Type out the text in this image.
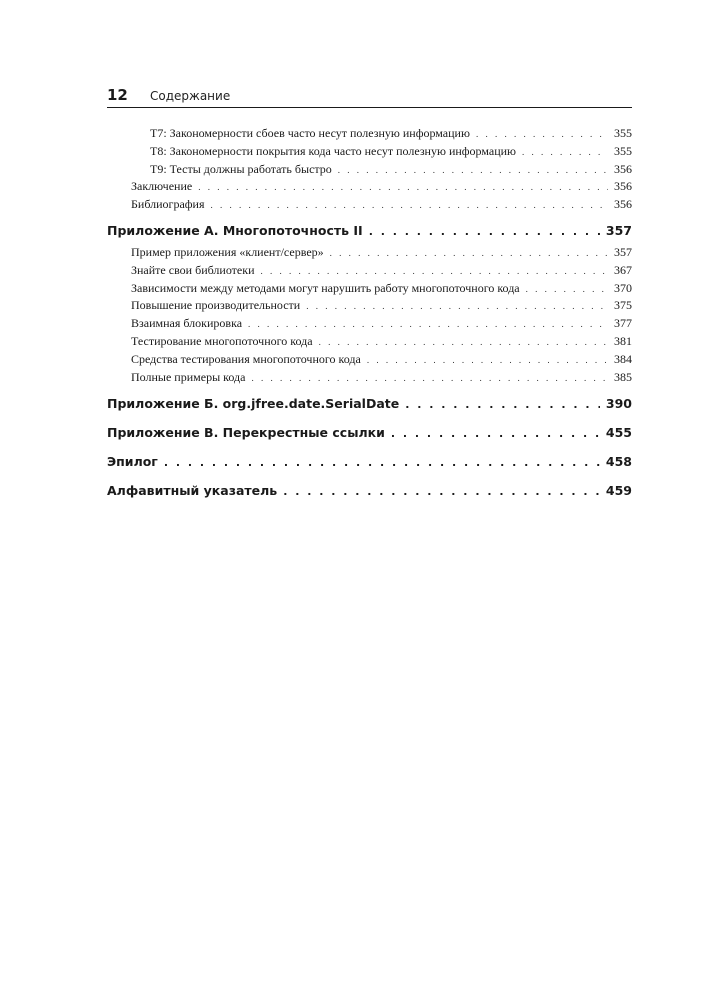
12 Содержание
T7: Закономерности сбоев часто несут полезную информацию . . .	355
T8: Закономерности покрытия кода часто несут полезную информацию . . .	355
T9: Тесты должны работать быстро . . .	356
Заключение . . .	356
Библиография . . .	356
Приложение А. Многопоточность II . . .	357
Пример приложения «клиент/сервер» . . .	357
Знайте свои библиотеки . . .	367
Зависимости между методами могут нарушить работу многопоточного кода . . .	370
Повышение производительности . . .	375
Взаимная блокировка . . .	377
Тестирование многопоточного кода . . .	381
Средства тестирования многопоточного кода . . .	384
Полные примеры кода . . .	385
Приложение Б. org.jfree.date.SerialDate . . .	390
Приложение В. Перекрестные ссылки . . .	455
Эпилог . . .	458
Алфавитный указатель . . .	459
